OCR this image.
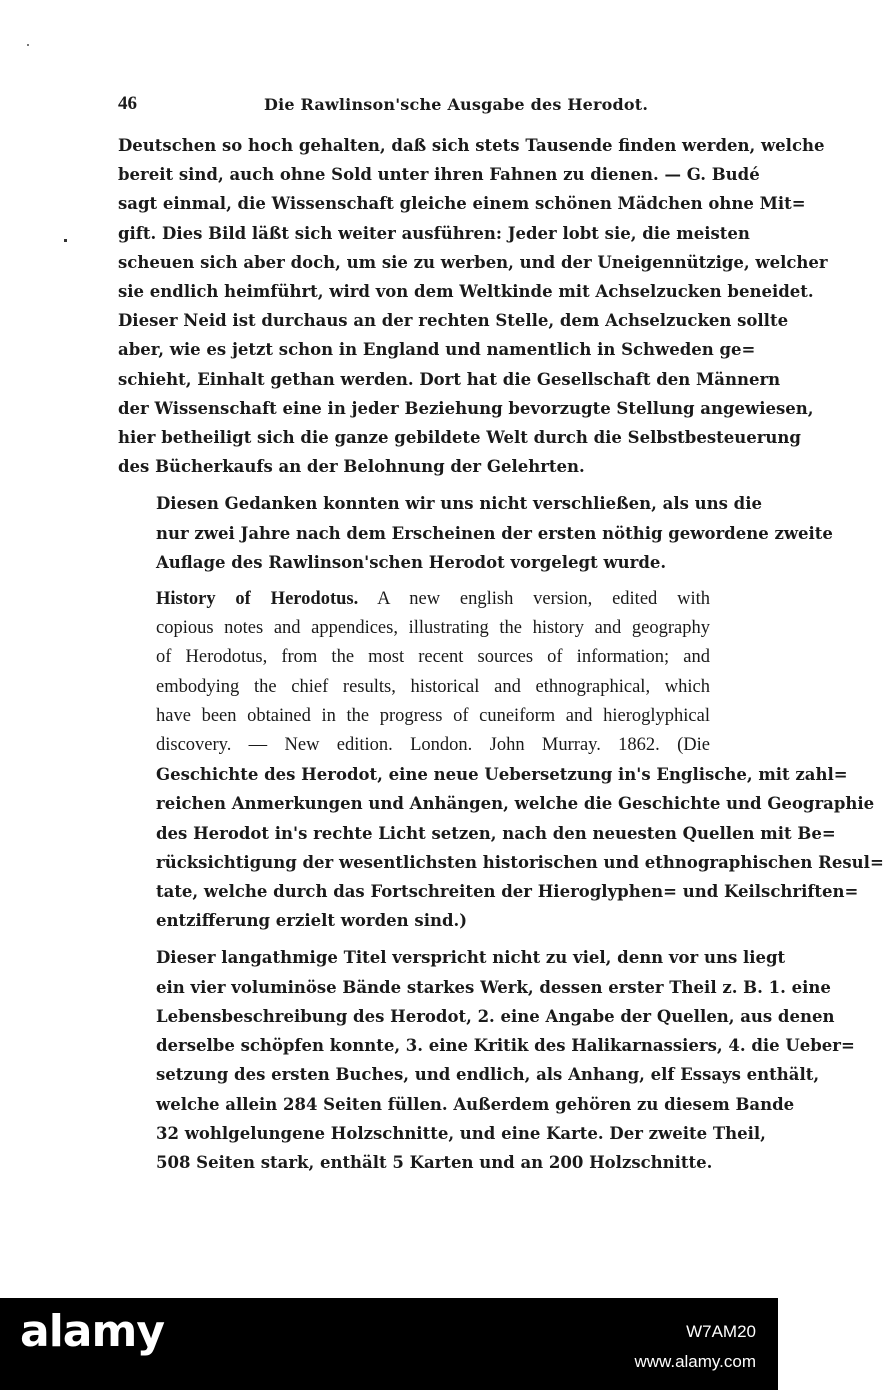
46	Die Rawlinson'sche Ausgabe des Herodot.
Deutschen so hoch gehalten, daß sich stets Tausende finden werden, welche
bereit sind, auch ohne Sold unter ihren Fahnen zu dienen. — G. Budé
sagt einmal, die Wissenschaft gleiche einem schönen Mädchen ohne Mit=
gift. Dies Bild läßt sich weiter ausführen: Jeder lobt sie, die meisten
scheuen sich aber doch, um sie zu werben, und der Uneigennützige, welcher
sie endlich heimführt, wird von dem Weltkinde mit Achselzucken beneidet.
Dieser Neid ist durchaus an der rechten Stelle, dem Achselzucken sollte
aber, wie es jetzt schon in England und namentlich in Schweden ge=
schieht, Einhalt gethan werden. Dort hat die Gesellschaft den Männern
der Wissenschaft eine in jeder Beziehung bevorzugte Stellung angewiesen,
hier betheiligt sich die ganze gebildete Welt durch die Selbstbesteuerung
des Bücherkaufs an der Belohnung der Gelehrten.
Diesen Gedanken konnten wir uns nicht verschließen, als uns die
nur zwei Jahre nach dem Erscheinen der ersten nöthig gewordene zweite
Auflage des Rawlinson'schen Herodot vorgelegt wurde.
History of Herodotus. A new english version, edited with
copious notes and appendices, illustrating the history and geography
of Herodotus, from the most recent sources of information; and
embodying the chief results, historical and ethnographical, which
have been obtained in the progress of cuneiform and hieroglyphical
discovery. — New edition. London. John Murray. 1862. (Die
Geschichte des Herodot, eine neue Uebersetzung in's Englische, mit zahl=
reichen Anmerkungen und Anhängen, welche die Geschichte und Geographie
des Herodot in's rechte Licht setzen, nach den neuesten Quellen mit Be=
rücksichtigung der wesentlichsten historischen und ethnographischen Resul=
tate, welche durch das Fortschreiten der Hieroglyphen= und Keilschriften=
entzifferung erzielt worden sind.)
Dieser langathmige Titel verspricht nicht zu viel, denn vor uns liegt
ein vier voluminöse Bände starkes Werk, dessen erster Theil z. B. 1. eine
Lebensbeschreibung des Herodot, 2. eine Angabe der Quellen, aus denen
derselbe schöpfen konnte, 3. eine Kritik des Halikarnassiers, 4. die Ueber=
setzung des ersten Buches, und endlich, als Anhang, elf Essays enthält,
welche allein 284 Seiten füllen. Außerdem gehören zu diesem Bande
32 wohlgelungene Holzschnitte, und eine Karte. Der zweite Theil,
508 Seiten stark, enthält 5 Karten und an 200 Holzschnitte.
alamy	W7AM20
www.alamy.com
